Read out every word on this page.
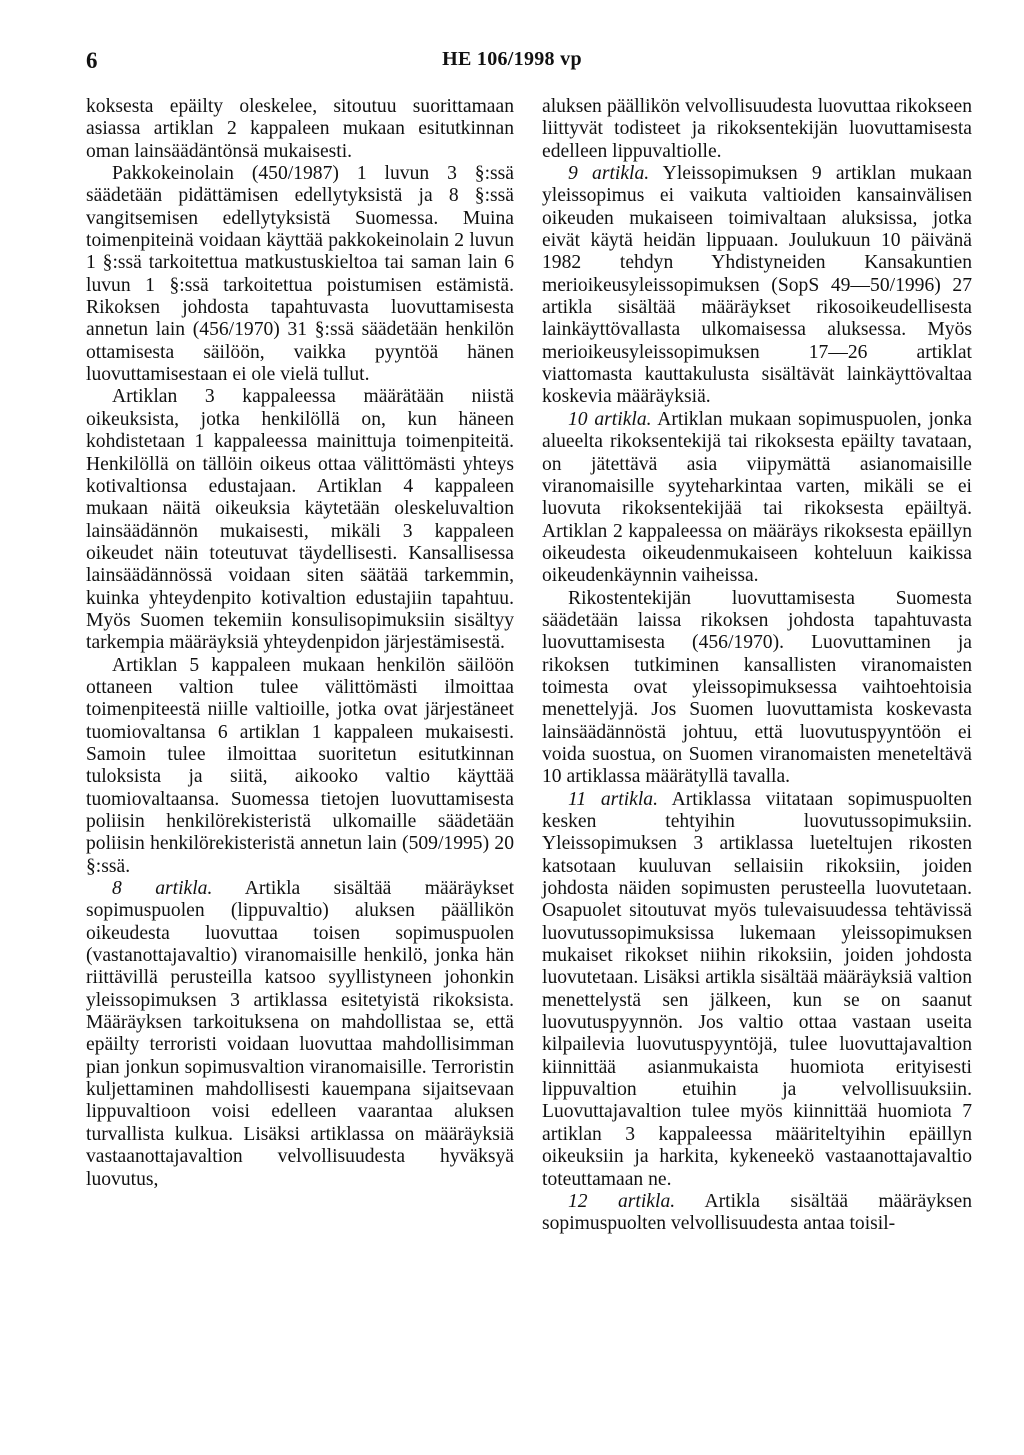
6	HE 106/1998 vp

koksesta epäilty oleskelee, sitoutuu suorittamaan asiassa artiklan 2 kappaleen mukaan esitutkinnan oman lainsäädäntönsä mukaisesti.

Pakkokeinolain (450/1987) 1 luvun 3 §:ssä säädetään pidättämisen edellytyksistä ja 8 §:ssä vangitsemisen edellytyksistä Suomessa. Muina toimenpiteinä voidaan käyttää pakkokeinolain 2 luvun 1 §:ssä tarkoitettua matkustuskieltoa tai saman lain 6 luvun 1 §:ssä tarkoitettua poistumisen estämistä. Rikoksen johdosta tapahtuvasta luovuttamisesta annetun lain (456/1970) 31 §:ssä säädetään henkilön ottamisesta säilöön, vaikka pyyntöä hänen luovuttamisestaan ei ole vielä tullut.

Artiklan 3 kappaleessa määrätään niistä oikeuksista, jotka henkilöllä on, kun häneen kohdistetaan 1 kappaleessa mainittuja toimenpiteitä. Henkilöllä on tällöin oikeus ottaa välittömästi yhteys kotivaltionsa edustajaan. Artiklan 4 kappaleen mukaan näitä oikeuksia käytetään oleskeluvaltion lainsäädännön mukaisesti, mikäli 3 kappaleen oikeudet näin toteutuvat täydellisesti. Kansallisessa lainsäädännössä voidaan siten säätää tarkemmin, kuinka yhteydenpito kotivaltion edustajiin tapahtuu. Myös Suomen tekemiin konsulisopimuksiin sisältyy tarkempia määräyksiä yhteydenpidon järjestämisestä.

Artiklan 5 kappaleen mukaan henkilön säilöön ottaneen valtion tulee välittömästi ilmoittaa toimenpiteestä niille valtioille, jotka ovat järjestäneet tuomiovaltansa 6 artiklan 1 kappaleen mukaisesti. Samoin tulee ilmoittaa suoritetun esitutkinnan tuloksista ja siitä, aikooko valtio käyttää tuomiovaltaansa. Suomessa tietojen luovuttamisesta poliisin henkilörekisteristä ulkomaille säädetään poliisin henkilörekisteristä annetun lain (509/1995) 20 §:ssä.

8 artikla. Artikla sisältää määräykset sopimuspuolen (lippuvaltio) aluksen päällikön oikeudesta luovuttaa toisen sopimuspuolen (vastanottajavaltio) viranomaisille henkilö, jonka hän riittävillä perusteilla katsoo syyllistyneen johonkin yleissopimuksen 3 artiklassa esitetyistä rikoksista. Määräyksen tarkoituksena on mahdollistaa se, että epäilty terroristi voidaan luovuttaa mahdollisimman pian jonkun sopimusvaltion viranomaisille. Terroristin kuljettaminen mahdollisesti kauempana sijaitsevaan lippuvaltioon voisi edelleen vaarantaa aluksen turvallista kulkua. Lisäksi artiklassa on määräyksiä vastaanottajavaltion velvollisuudesta hyväksyä luovutus,

aluksen päällikön velvollisuudesta luovuttaa rikokseen liittyvät todisteet ja rikoksentekijän luovuttamisesta edelleen lippuvaltiolle.

9 artikla. Yleissopimuksen 9 artiklan mukaan yleissopimus ei vaikuta valtioiden kansainvälisen oikeuden mukaiseen toimivaltaan aluksissa, jotka eivät käytä heidän lippuaan. Joulukuun 10 päivänä 1982 tehdyn Yhdistyneiden Kansakuntien merioikeusyleissopimuksen (SopS 49—50/1996) 27 artikla sisältää määräykset rikosoikeudellisesta lainkäyttövallasta ulkomaisessa aluksessa. Myös merioikeusyleissopimuksen 17—26 artiklat viattomasta kauttakulusta sisältävät lainkäyttövaltaa koskevia määräyksiä.

10 artikla. Artiklan mukaan sopimuspuolen, jonka alueelta rikoksentekijä tai rikoksesta epäilty tavataan, on jätettävä asia viipymättä asianomaisille viranomaisille syyteharkintaa varten, mikäli se ei luovuta rikoksentekijää tai rikoksesta epäiltyä. Artiklan 2 kappaleessa on määräys rikoksesta epäillyn oikeudesta oikeudenmukaiseen kohteluun kaikissa oikeudenkäynnin vaiheissa.

Rikostentekijän luovuttamisesta Suomesta säädetään laissa rikoksen johdosta tapahtuvasta luovuttamisesta (456/1970). Luovuttaminen ja rikoksen tutkiminen kansallisten viranomaisten toimesta ovat yleissopimuksessa vaihtoehtoisia menettelyjä. Jos Suomen luovuttamista koskevasta lainsäädännöstä johtuu, että luovutuspyyntöön ei voida suostua, on Suomen viranomaisten meneteltävä 10 artiklassa määrätyllä tavalla.

11 artikla. Artiklassa viitataan sopimuspuolten kesken tehtyihin luovutussopimuksiin. Yleissopimuksen 3 artiklassa lueteltujen rikosten katsotaan kuuluvan sellaisiin rikoksiin, joiden johdosta näiden sopimusten perusteella luovutetaan. Osapuolet sitoutuvat myös tulevaisuudessa tehtävissä luovutussopimuksissa lukemaan yleissopimuksen mukaiset rikokset niihin rikoksiin, joiden johdosta luovutetaan. Lisäksi artikla sisältää määräyksiä valtion menettelystä sen jälkeen, kun se on saanut luovutuspyynnön. Jos valtio ottaa vastaan useita kilpailevia luovutuspyyntöjä, tulee luovuttajavaltion kiinnittää asianmukaista huomiota erityisesti lippuvaltion etuihin ja velvollisuuksiin. Luovuttajavaltion tulee myös kiinnittää huomiota 7 artiklan 3 kappaleessa määriteltyihin epäillyn oikeuksiin ja harkita, kykeneekö vastaanottajavaltio toteuttamaan ne.

12 artikla. Artikla sisältää määräyksen sopimuspuolten velvollisuudesta antaa toisil-
